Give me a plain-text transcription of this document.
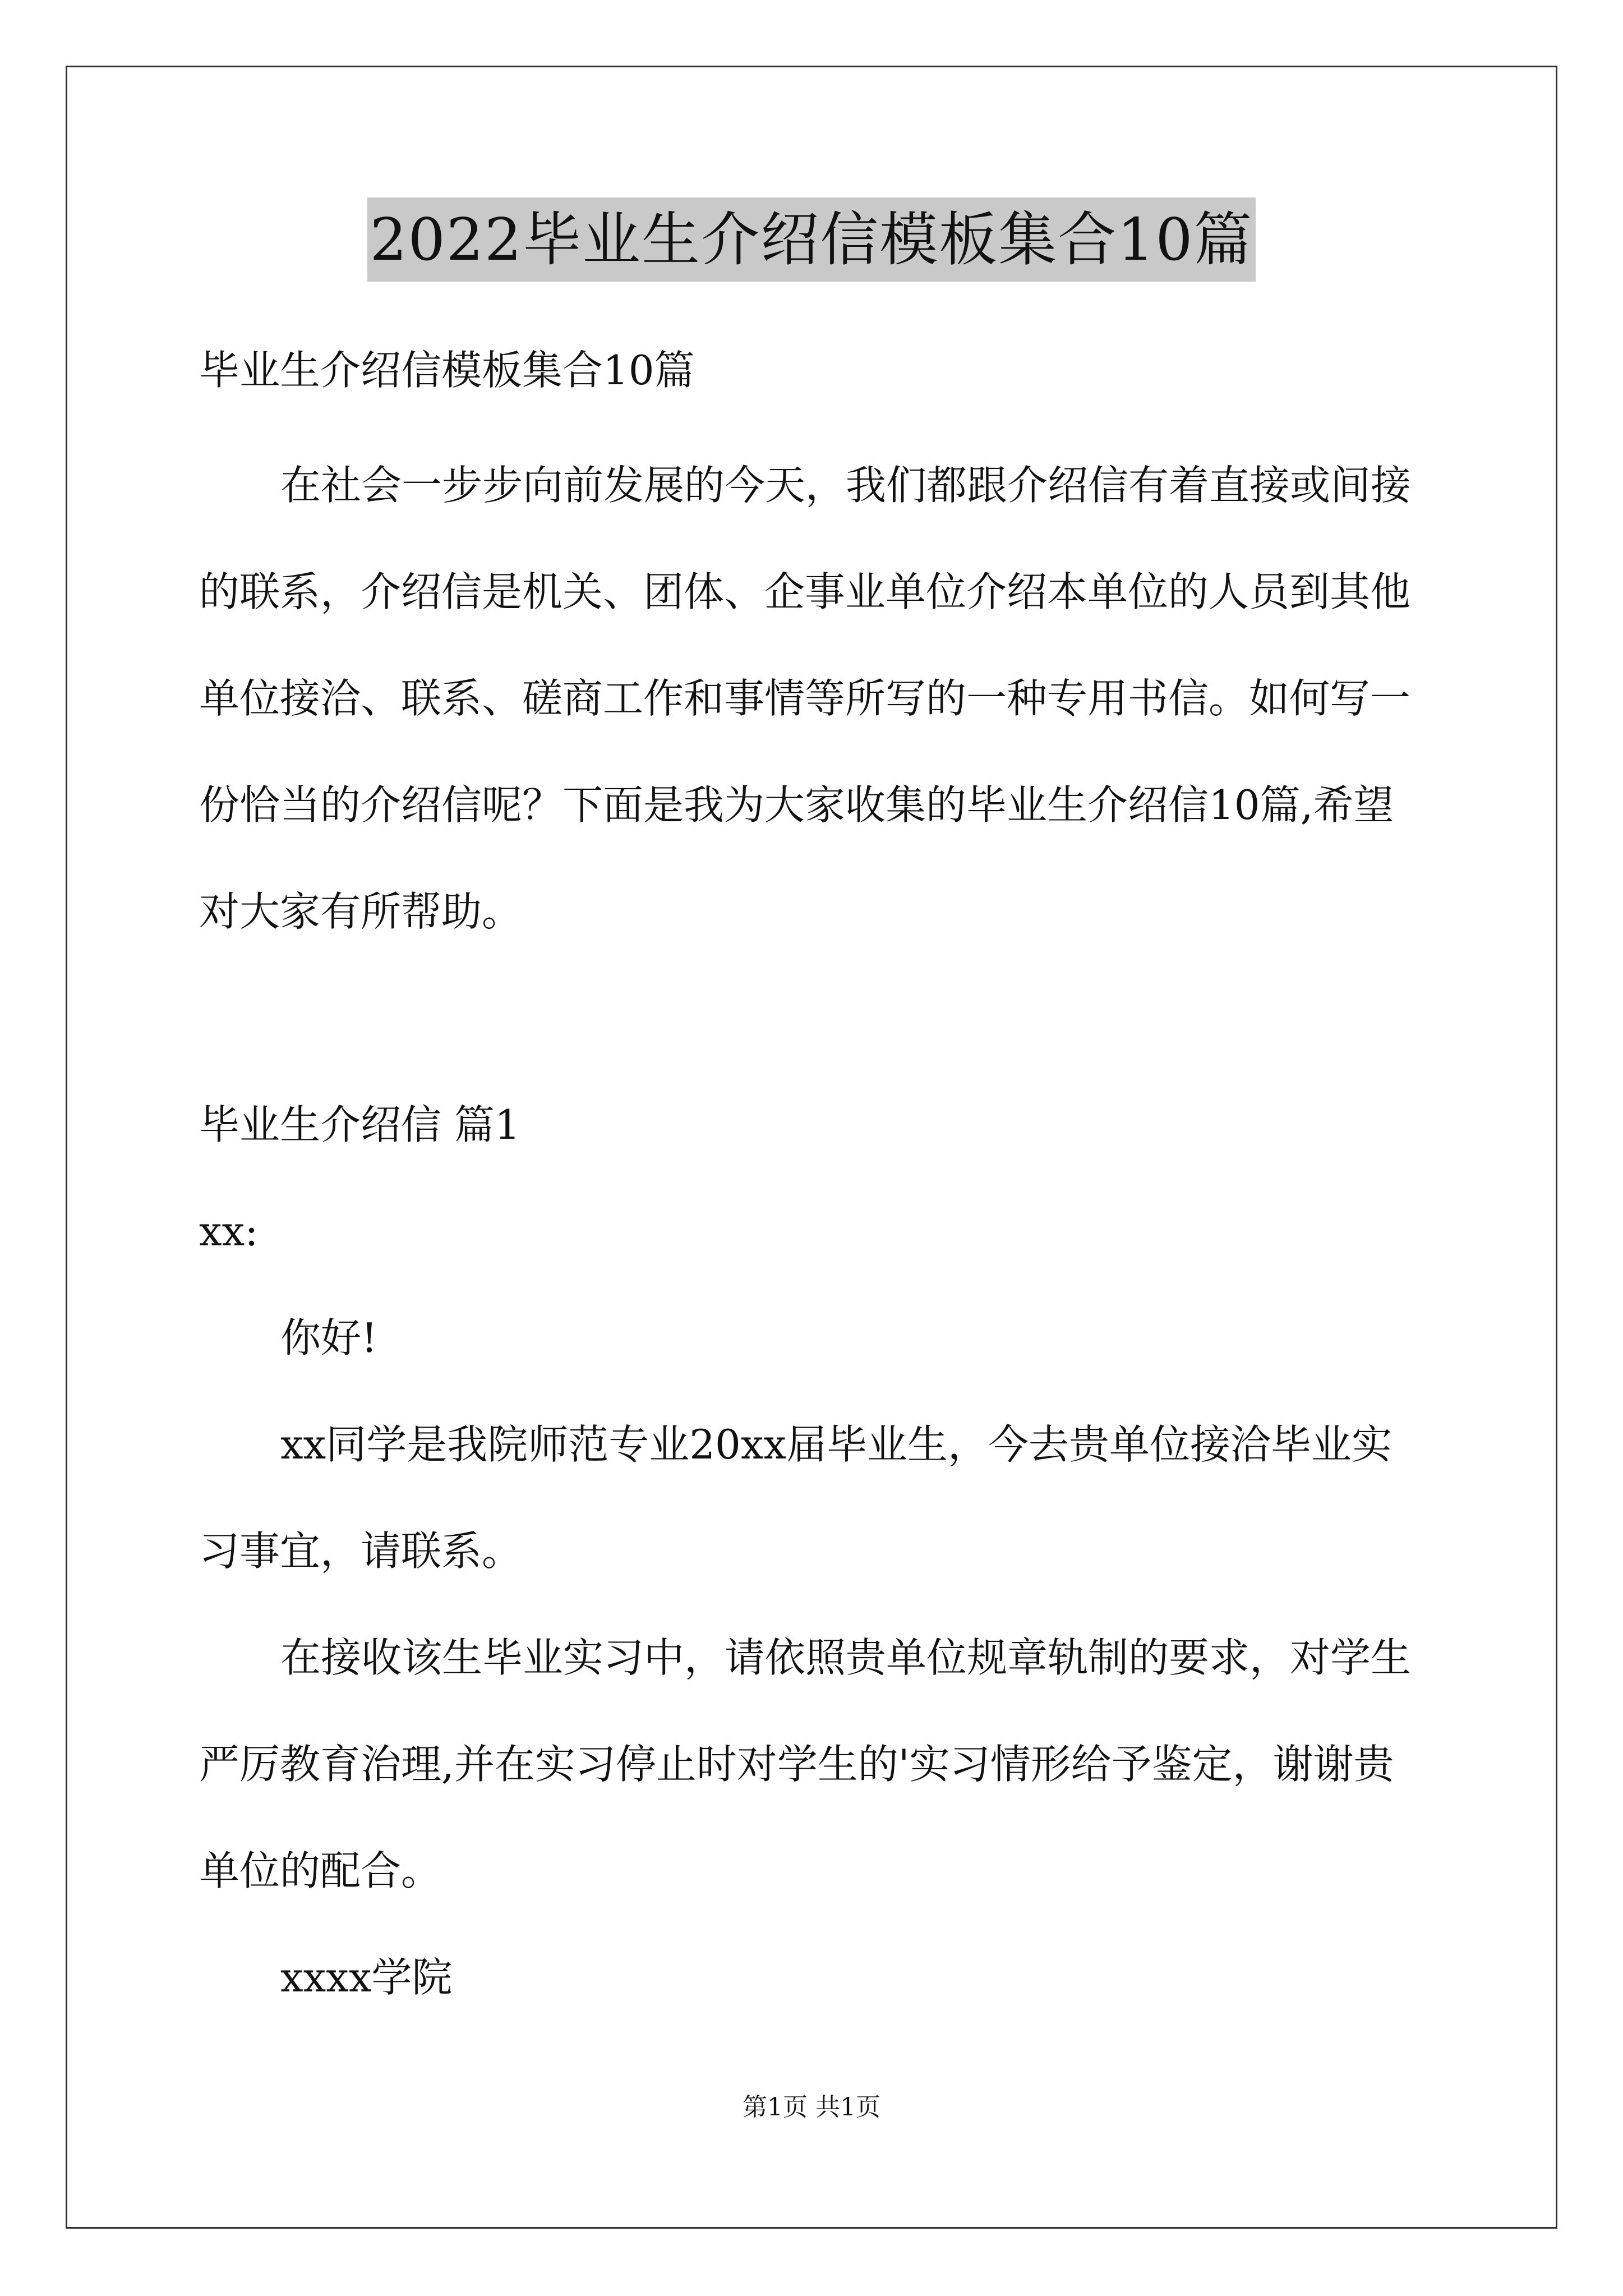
2022毕业生介绍信模板集合10篇
毕业生介绍信模板集合10篇
在社会一步步向前发展的今天，我们都跟介绍信有着直接或间接
的联系，介绍信是机关、团体、企事业单位介绍本单位的人员到其他
单位接洽、联系、磋商工作和事情等所写的一种专用书信。如何写一
份恰当的介绍信呢？下面是我为大家收集的毕业生介绍信10篇,希望
对大家有所帮助。
毕业生介绍信 篇1
xx:
你好!
xx同学是我院师范专业20xx届毕业生，今去贵单位接洽毕业实
习事宜，请联系。
在接收该生毕业实习中，请依照贵单位规章轨制的要求，对学生
严厉教育治理,并在实习停止时对学生的'实习情形给予鉴定，谢谢贵
单位的配合。
xxxx学院
第1页 共1页
